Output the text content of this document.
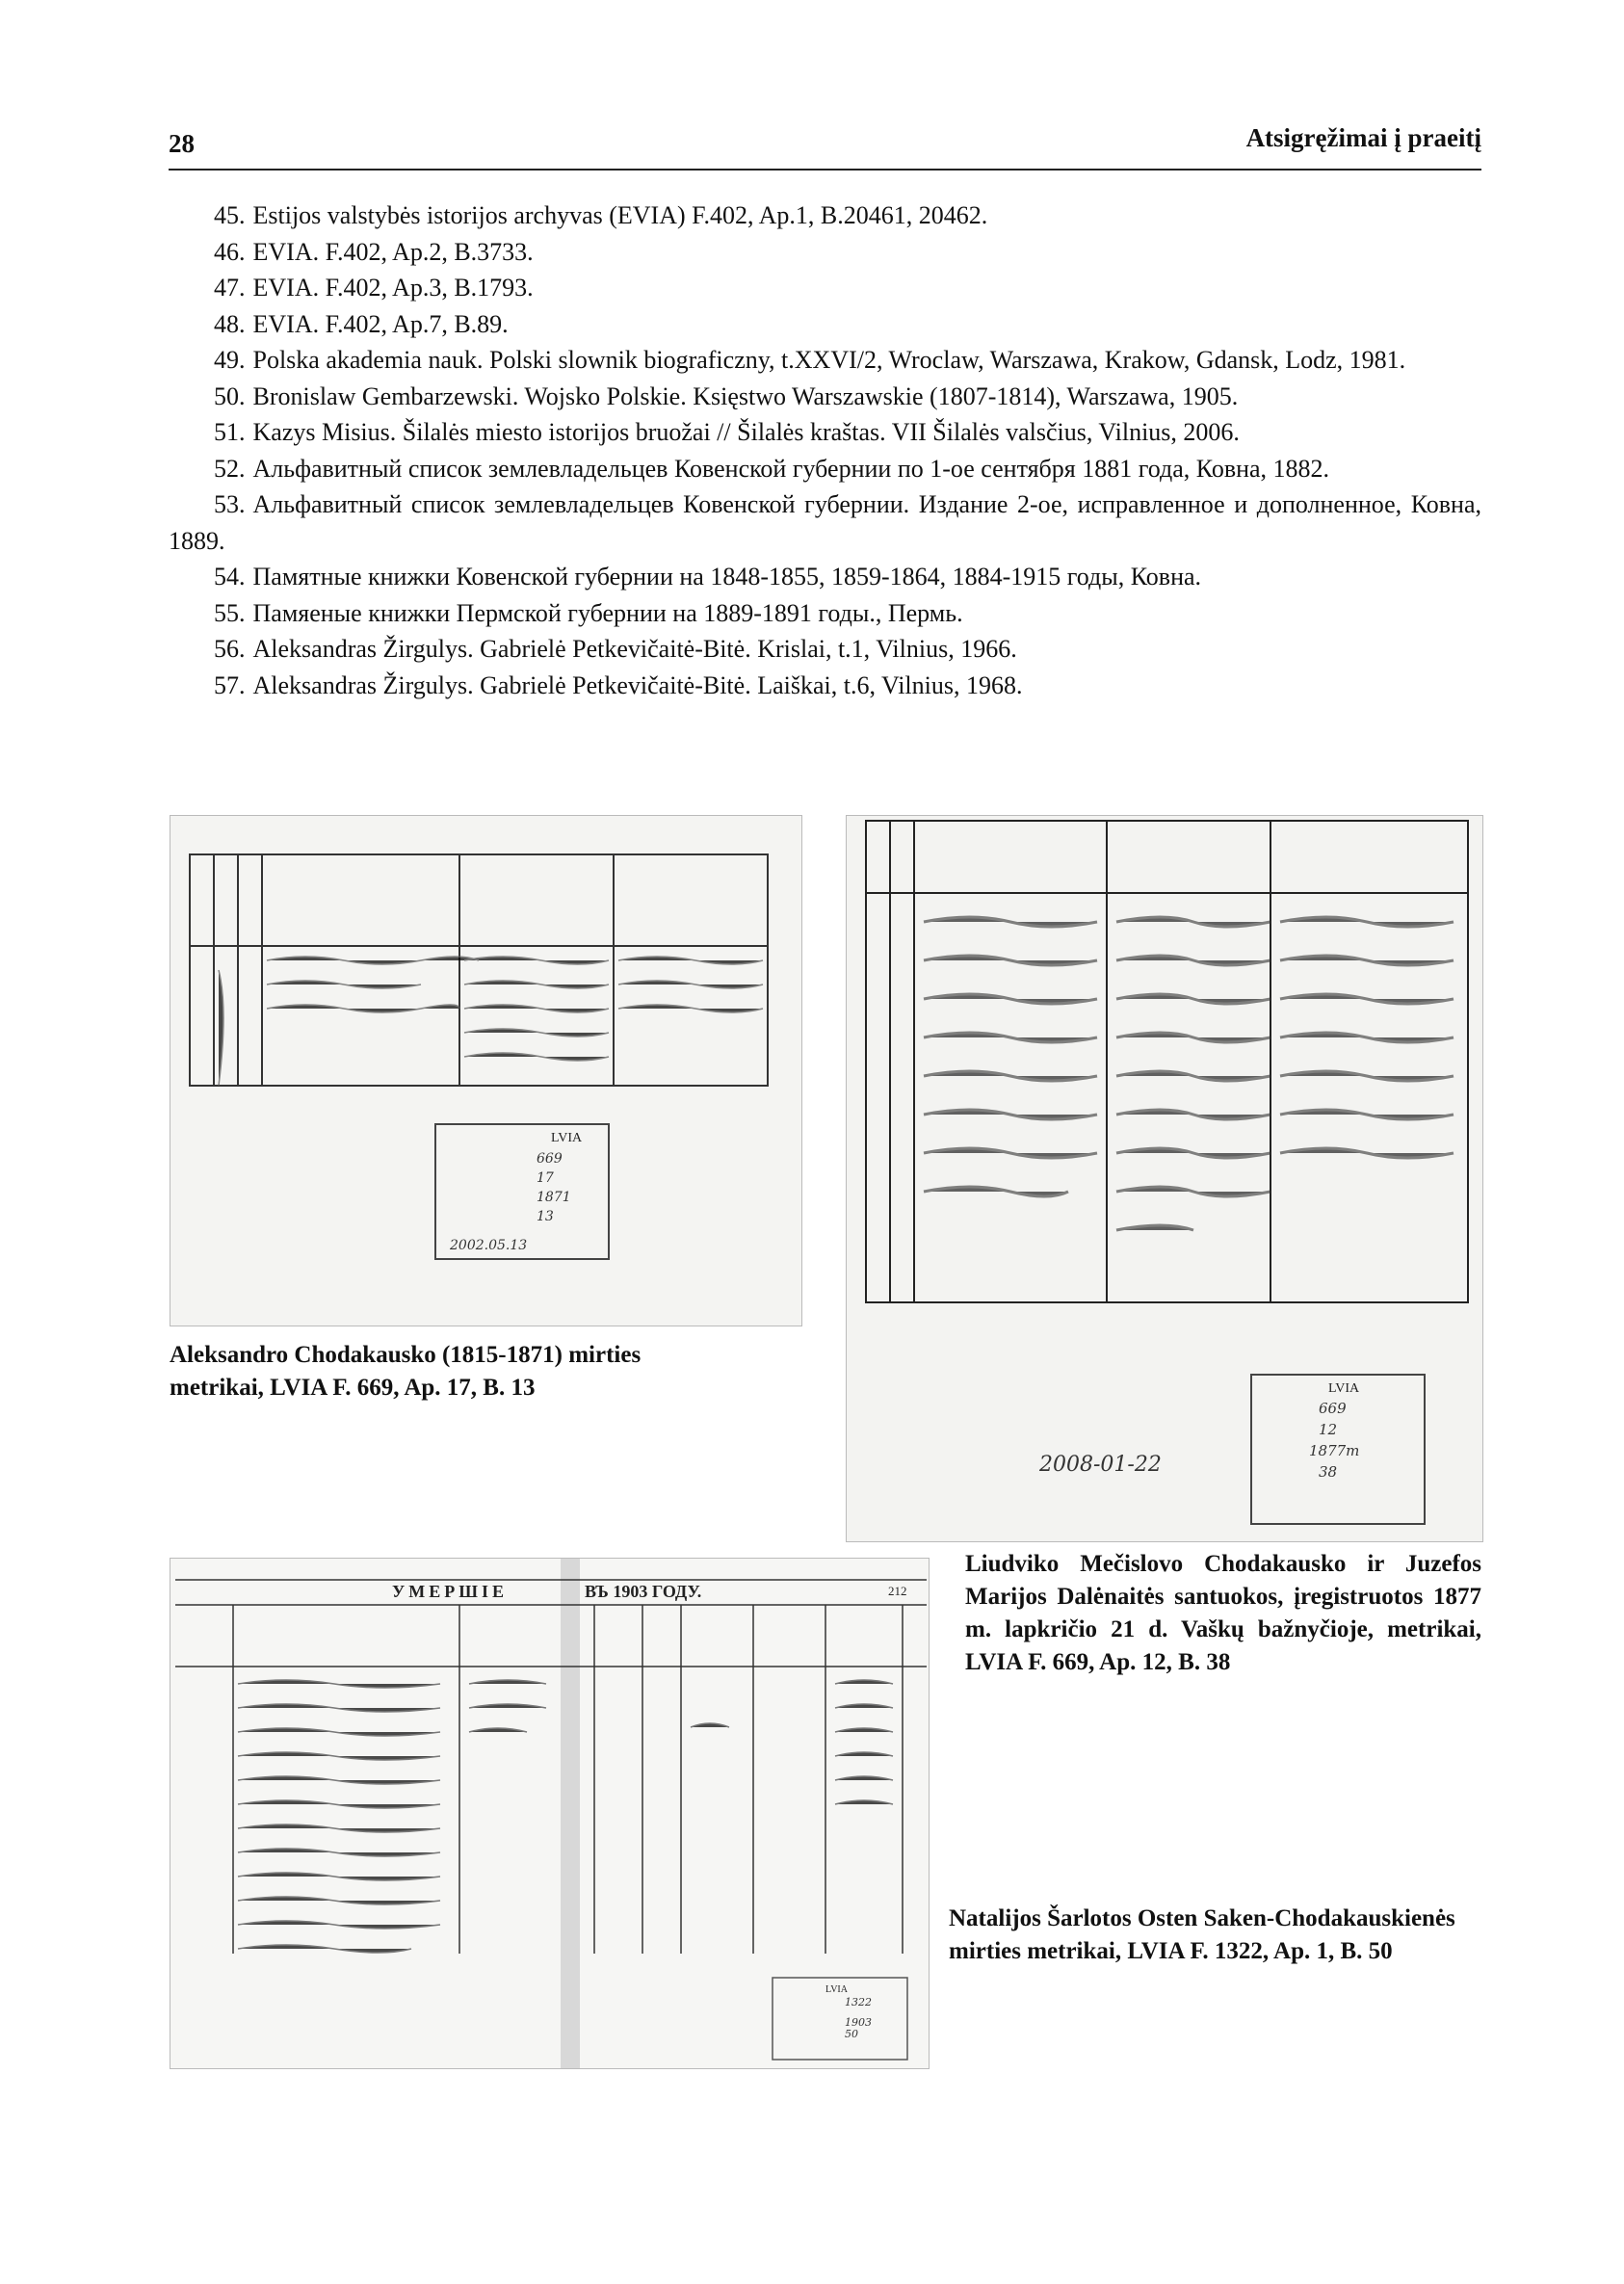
28	Atsigręžimai į praeitį
45. Estijos valstybės istorijos archyvas (EVIA) F.402, Ap.1, B.20461, 20462.
46. EVIA. F.402, Ap.2, B.3733.
47. EVIA. F.402, Ap.3, B.1793.
48. EVIA. F.402, Ap.7, B.89.
49. Polska akademia nauk. Polski slownik biograficzny, t.XXVI/2, Wroclaw, Warszawa, Krakow, Gdansk, Lodz, 1981.
50. Bronislaw Gembarzewski. Wojsko Polskie. Księstwo Warszawskie (1807-1814), Warszawa, 1905.
51. Kazys Misius. Šilalės miesto istorijos bruožai // Šilalės kraštas. VII Šilalės valsčius, Vilnius, 2006.
52. Альфавитный список землевладельцев Ковенской губернии по 1-ое сентября 1881 года, Ковна, 1882.
53. Альфавитный список землевладельцев Ковенской губернии. Издание 2-ое, исправленное и дополненное, Ковна, 1889.
54. Памятные книжки Ковенской губернии на 1848-1855, 1859-1864, 1884-1915 годы, Ковна.
55. Памяеные книжки Пермской губернии на 1889-1891 годы., Пермь.
56. Aleksandras Žirgulys. Gabrielė Petkevičaitė-Bitė. Krislai, t.1, Vilnius, 1966.
57. Aleksandras Žirgulys. Gabrielė Petkevičaitė-Bitė. Laiškai, t.6, Vilnius, 1968.
LVIA
669
17
1871
13
2002.05.13
Aleksandro Chodakausko (1815-1871) mirties metrikai, LVIA F. 669, Ap. 17, B. 13	LVIA
669
12
1877m
38
2008-01-22
Liudviko Mečislovo Chodakausko ir Juzefos Marijos Dalėnaitės santuokos, įregistruotos 1877 m. lapkričio 21 d. Vaškų bažnyčioje, metrikai, LVIA F. 669, Ap. 12, B. 38
УМЕРШІЕ	ВЪ 1903 ГОДУ.	212
LVIA
1322
1903
50
Natalijos Šarlotos Osten Saken-Chodakauskienės mirties metrikai, LVIA F. 1322, Ap. 1, B. 50
